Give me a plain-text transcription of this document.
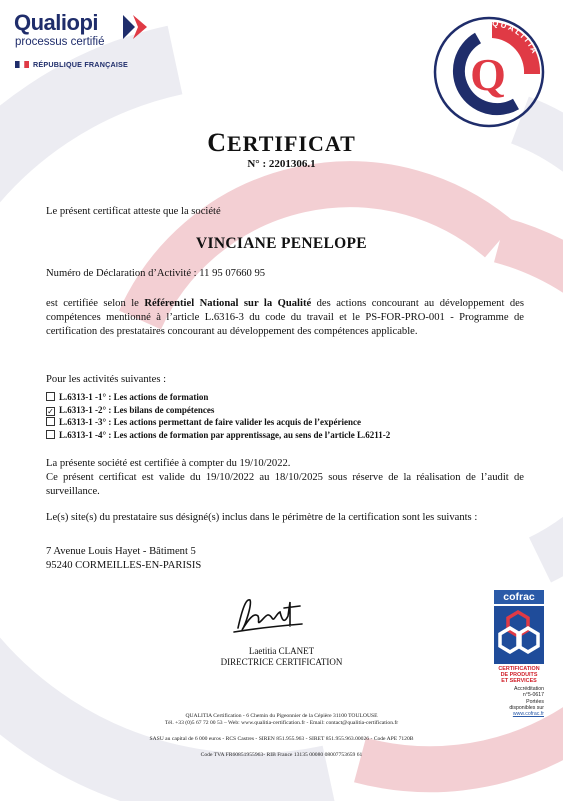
Qualiopi
processus certifié
RÉPUBLIQUE FRANÇAISE	Q
QUALITIA
CERTIFICAT
N° : 2201306.1
Le présent certificat atteste que la société
VINCIANE PENELOPE
Numéro de Déclaration d’Activité : 11 95 07660 95
est certifiée selon le Référentiel National sur la Qualité des actions concourant au développement des compétences mentionné à l’article L.6316-3 du code du travail et le PS-FOR-PRO-001 - Programme de certification des prestataires concourant au développement des compétences applicable.
Pour les activités suivantes :
L.6313-1 -1° : Les actions de formation
✓ L.6313-1 -2° : Les bilans de compétences
L.6313-1 -3° : Les actions permettant de faire valider les acquis de l’expérience
L.6313-1 -4° : Les actions de formation par apprentissage, au sens de l’article L.6211-2
La présente société est certifiée à compter du 19/10/2022.
Ce présent certificat est valide du 19/10/2022 au 18/10/2025 sous réserve de la réalisation de l’audit de surveillance.
Le(s) site(s) du prestataire sus désigné(s) inclus dans le périmètre de la certification sont les suivants :
7 Avenue Louis Hayet - Bâtiment 5
95240 CORMEILLES-EN-PARISIS
Laetitia CLANET
DIRECTRICE CERTIFICATION
cofrac
CERTIFICATION
DE PRODUITS
ET SERVICES
Accréditation
n°5-0617
Portées
disponibles sur
www.cofrac.fr
QUALITIA Certification - 6 Chemin du Pigeonnier de la Cépière 31100 TOULOUSE
Tél. +33 (0)5 67 72 00 53 – Web: www.qualitia-certification.fr - Email: contact@qualitia-certification.fr
SASU au capital de 6 000 euros - RCS Castres - SIREN 851.955.963 - SIRET 851.955.963.00026 - Code APE 7120B
Code TVA FR60851955963- RIB France 13135 00080 08007753659 61
